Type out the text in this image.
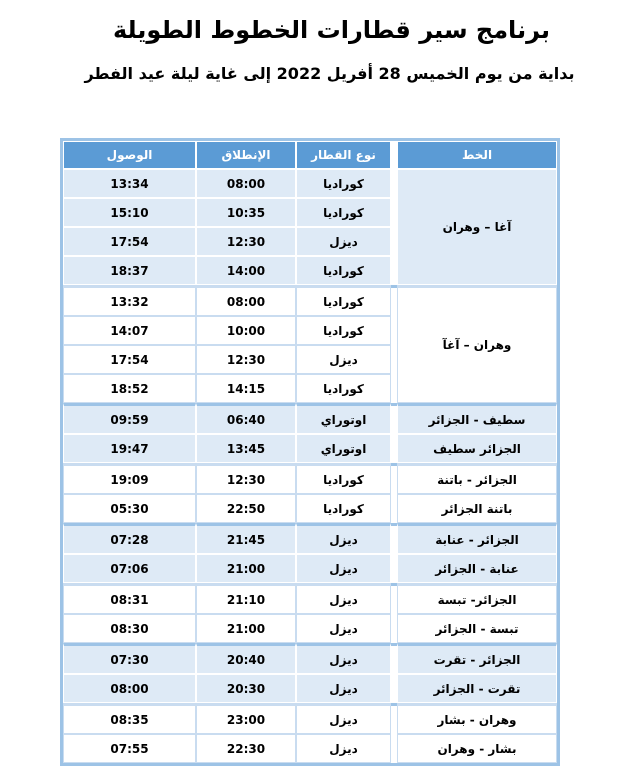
برنامج سير قطارات الخطوط الطويلة
بداية من يوم الخميس 28 أفريل 2022 إلى غاية ليلة عيد الفطر
الوصول	الإنطلاق	نوع القطار		الخط
13:34	08:00	كوراديا		آغا – وهران
15:10	10:35	كوراديا		
17:54	12:30	ديزل		
18:37	14:00	كوراديا		
13:32	08:00	كوراديا		وهران – آغآ
14:07	10:00	كوراديا		
17:54	12:30	ديزل		
18:52	14:15	كوراديا		
09:59	06:40	اوتوراي		سطيف - الجزائر
19:47	13:45	اوتوراي		الجزائر سطيف
19:09	12:30	كوراديا		الجزائر - باتنة
05:30	22:50	كوراديا		باتنة الجزائر
07:28	21:45	ديزل		الجزائر - عنابة
07:06	21:00	ديزل		عنابة - الجزائر
08:31	21:10	ديزل		الجزائر- تبسة
08:30	21:00	ديزل		تبسة - الجزائر
07:30	20:40	ديزل		الجزائر - تقرت
08:00	20:30	ديزل		تقرت - الجزائر
08:35	23:00	ديزل		وهران - بشار
07:55	22:30	ديزل		بشار - وهران
